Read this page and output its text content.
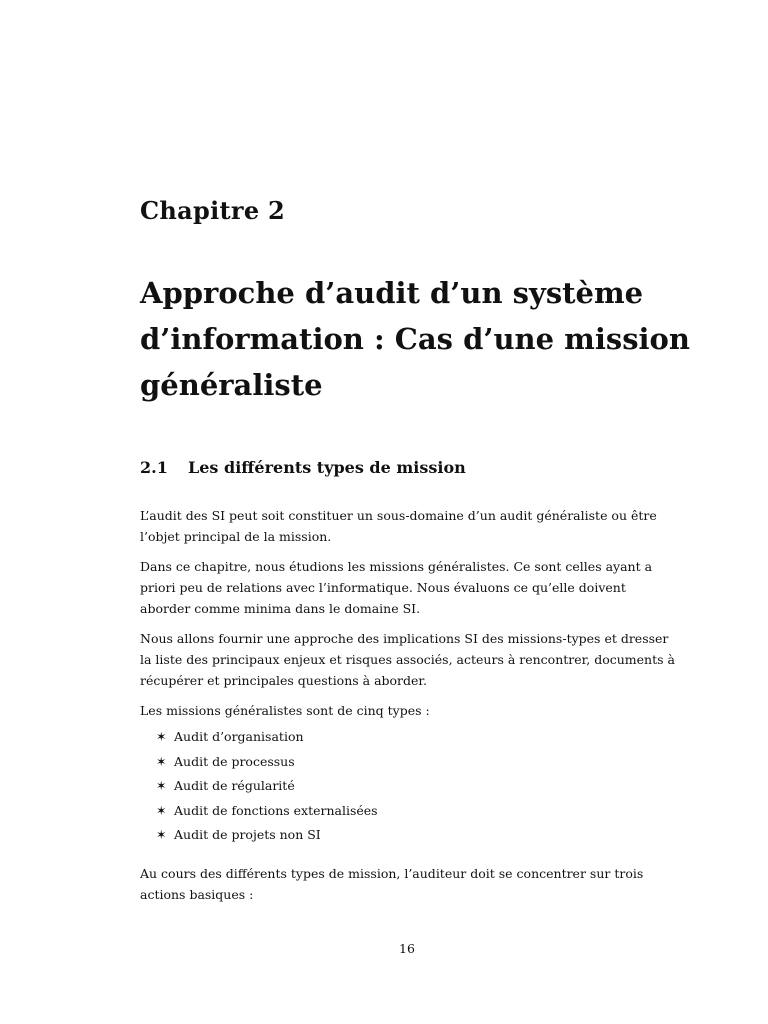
Chapitre 2
Approche d’audit d’un système d’information : Cas d’une mission généraliste
2.1 Les différents types de mission

L’audit des SI peut soit constituer un sous-domaine d’un audit généraliste ou être l’objet principal de la mission.

Dans ce chapitre, nous étudions les missions généralistes. Ce sont celles ayant a priori peu de relations avec l’informatique. Nous évaluons ce qu’elle doivent aborder comme minima dans le domaine SI.

Nous allons fournir une approche des implications SI des missions-types et dresser la liste des principaux enjeux et risques associés, acteurs à rencontrer, documents à récupérer et principales questions à aborder.

Les missions généralistes sont de cinq types :

✶ Audit d’organisation
✶ Audit de processus
✶ Audit de régularité
✶ Audit de fonctions externalisées
✶ Audit de projets non SI

Au cours des différents types de mission, l’auditeur doit se concentrer sur trois actions basiques :

16
